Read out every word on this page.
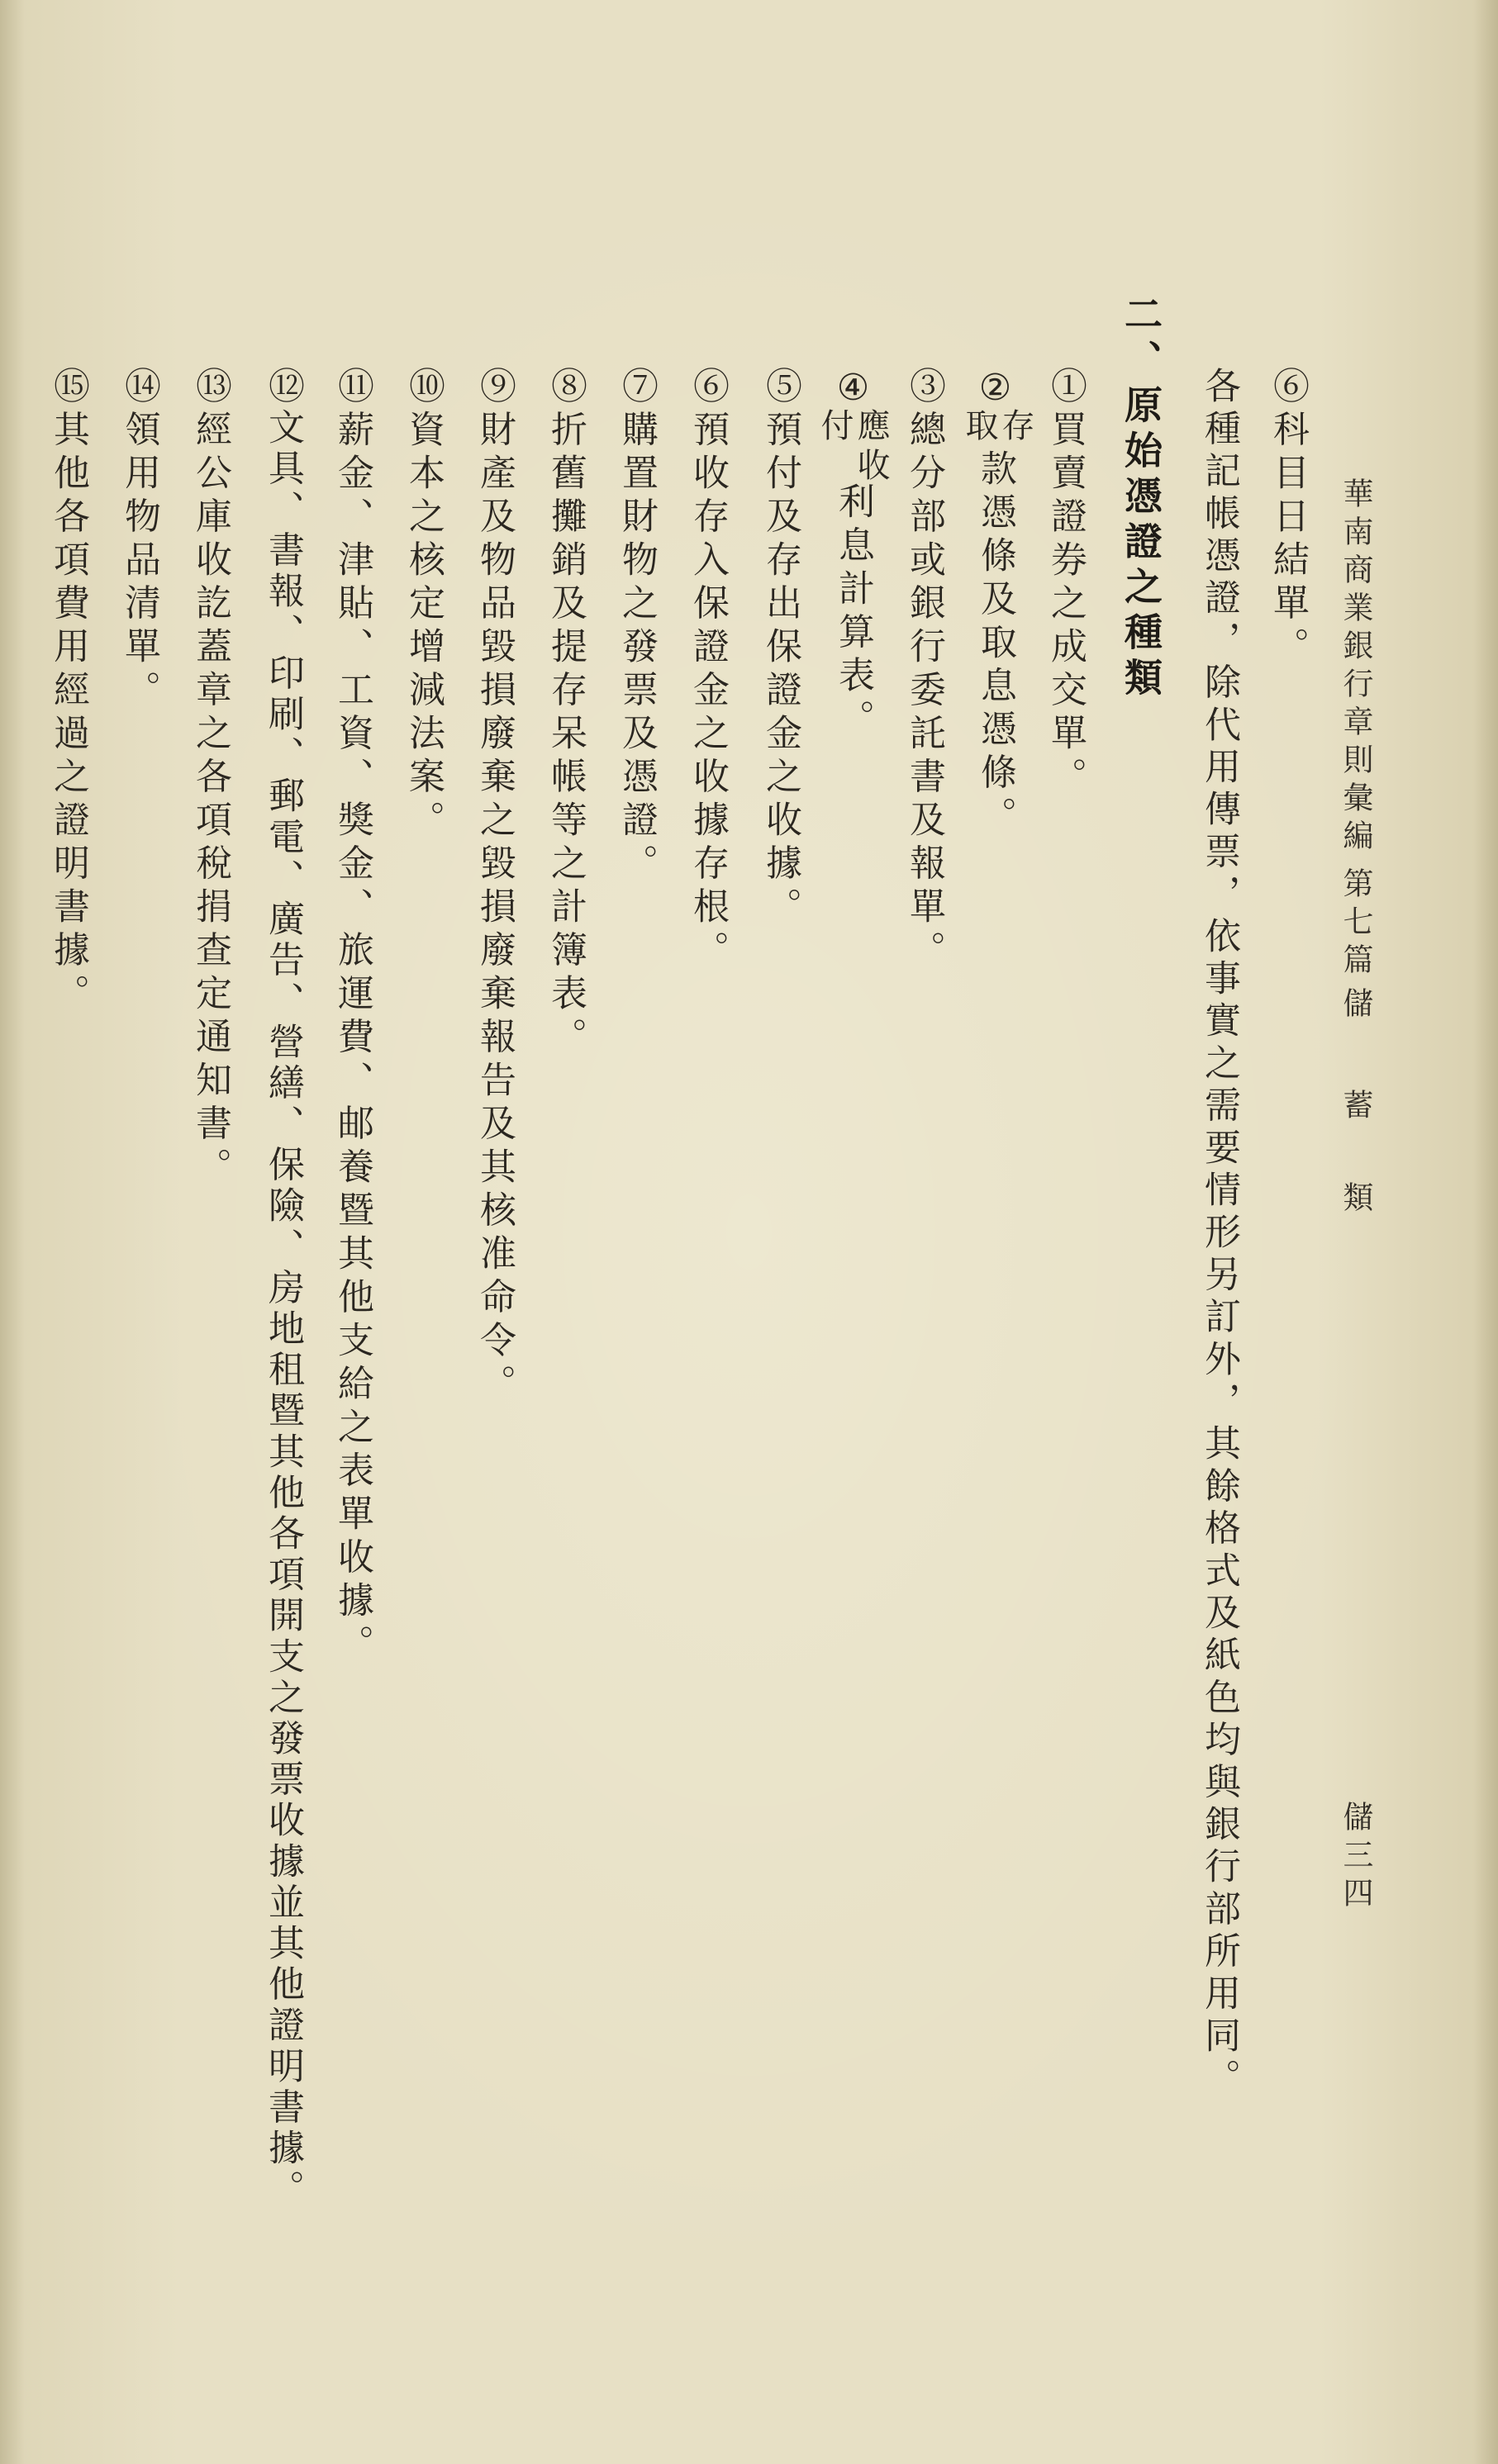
華南商業銀行章則彙編
第七篇
儲
蓄
類
儲三四
⑥科目日結單。
各種記帳憑證，除代用傳票，依事實之需要情形另訂外，其餘格式及紙色均與銀行部所用同。
二、原始憑證之種類
①買賣證券之成交單。
②
存
取
款憑條及取息憑條。
③總分部或銀行委託書及報單。
④
應收
付
利息計算表。
⑤預付及存出保證金之收據。
⑥預收存入保證金之收據存根。
⑦購置財物之發票及憑證。
⑧折舊攤銷及提存呆帳等之計簿表。
⑨財產及物品毀損廢棄之毀損廢棄報告及其核准命令。
⑩資本之核定增減法案。
⑪薪金、津貼、工資、獎金、旅運費、邮養暨其他支給之表單收據。
⑫文具、書報、印刷、郵電、廣告、營繕、保險、房地租暨其他各項開支之發票收據並其他證明書據。
⑬經公庫收訖蓋章之各項稅捐查定通知書。
⑭領用物品清單。
⑮其他各項費用經過之證明書據。
